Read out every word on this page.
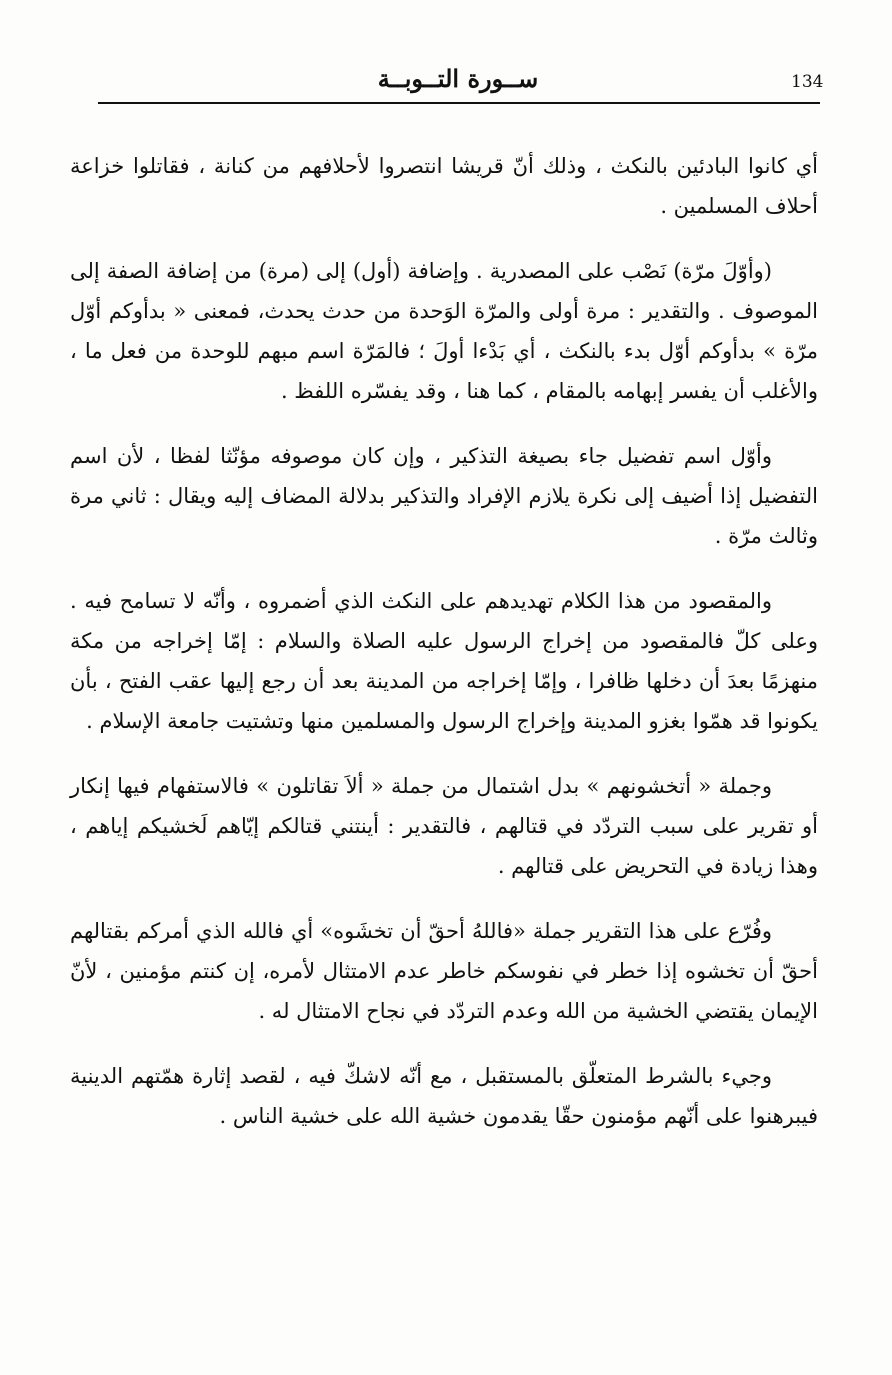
134
ســورة التــوبــة

أي كانوا البادئين بالنكث ، وذلك أنّ قريشا انتصروا لأحلافهم من كنانة ، فقاتلوا خزاعة أحلاف المسلمين .

(وأوّلَ مرّة) نَصْب على المصدرية . وإضافة (أول) إلى (مرة) من إضافة الصفة إلى الموصوف . والتقدير : مرة أولى والمرّة الوَحدة من حدث يحدث، فمعنى « بدأوكم أوّل مرّة » بدأوكم أوّل بدء بالنكث ، أي بَدْءا أولَ ؛ فالمَرّة اسم مبهم للوحدة من فعل ما ، والأغلب أن يفسر إبهامه بالمقام ، كما هنا ، وقد يفسّره اللفظ .

وأوّل اسم تفضيل جاء بصيغة التذكير ، وإن كان موصوفه مؤنّثا لفظا ، لأن اسم التفضيل إذا أضيف إلى نكرة يلازم الإفراد والتذكير بدلالة المضاف إليه ويقال : ثاني مرة وثالث مرّة .

والمقصود من هذا الكلام تهديدهم على النكث الذي أضمروه ، وأنّه لا تسامح فيه . وعلى كلّ فالمقصود من إخراج الرسول عليه الصلاة والسلام : إمّا إخراجه من مكة منهزمًا بعدَ أن دخلها ظافرا ، وإمّا إخراجه من المدينة بعد أن رجع إليها عقب الفتح ، بأن يكونوا قد همّوا بغزو المدينة وإخراج الرسول والمسلمين منها وتشتيت جامعة الإسلام .

وجملة « أتخشونهم » بدل اشتمال من جملة « ألاَ تقاتلون » فالاستفهام فيها إنكار أو تقرير على سبب التردّد في قتالهم ، فالتقدير : أينتني قتالكم إيّاهم لَخشيكم إياهم ، وهذا زيادة في التحريض على قتالهم .

وفُرّع على هذا التقرير جملة «فاللهُ أحقّ أن تخشَوه» أي فالله الذي أمركم بقتالهم أحقّ أن تخشوه إذا خطر في نفوسكم خاطر عدم الامتثال لأمره، إن كنتم مؤمنين ، لأنّ الإيمان يقتضي الخشية من الله وعدم التردّد في نجاح الامتثال له .

وجيء بالشرط المتعلّق بالمستقبل ، مع أنّه لاشكّ فيه ، لقصد إثارة همّتهم الدينية فيبرهنوا على أنّهم مؤمنون حقّا يقدمون خشية الله على خشية الناس .
